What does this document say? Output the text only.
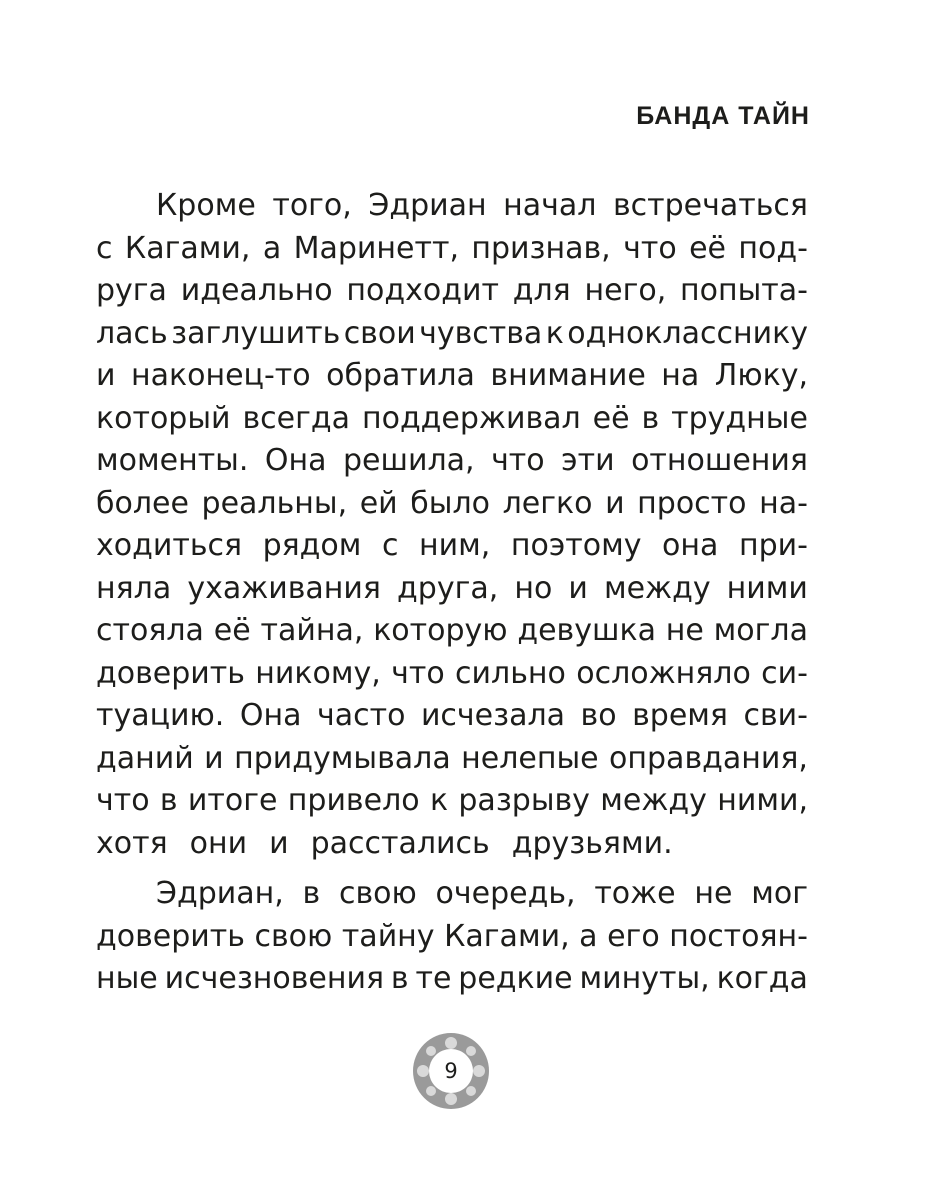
БАНДА ТАЙН
Кроме того, Эдриан начал встречаться
с Кагами, а Маринетт, признав, что её под-
руга идеально подходит для него, попыта-
лась заглушить свои чувства к однокласснику
и наконец-то обратила внимание на Люку,
который всегда поддерживал её в трудные
моменты. Она решила, что эти отношения
более реальны, ей было легко и просто на-
ходиться рядом с ним, поэтому она при-
няла ухаживания друга, но и между ними
стояла её тайна, которую девушка не могла
доверить никому, что сильно осложняло си-
туацию. Она часто исчезала во время сви-
даний и придумывала нелепые оправдания,
что в итоге привело к разрыву между ними,
хотя они и расстались друзьями.
Эдриан, в свою очередь, тоже не мог
доверить свою тайну Кагами, а его постоян-
ные исчезновения в те редкие минуты, когда
9
